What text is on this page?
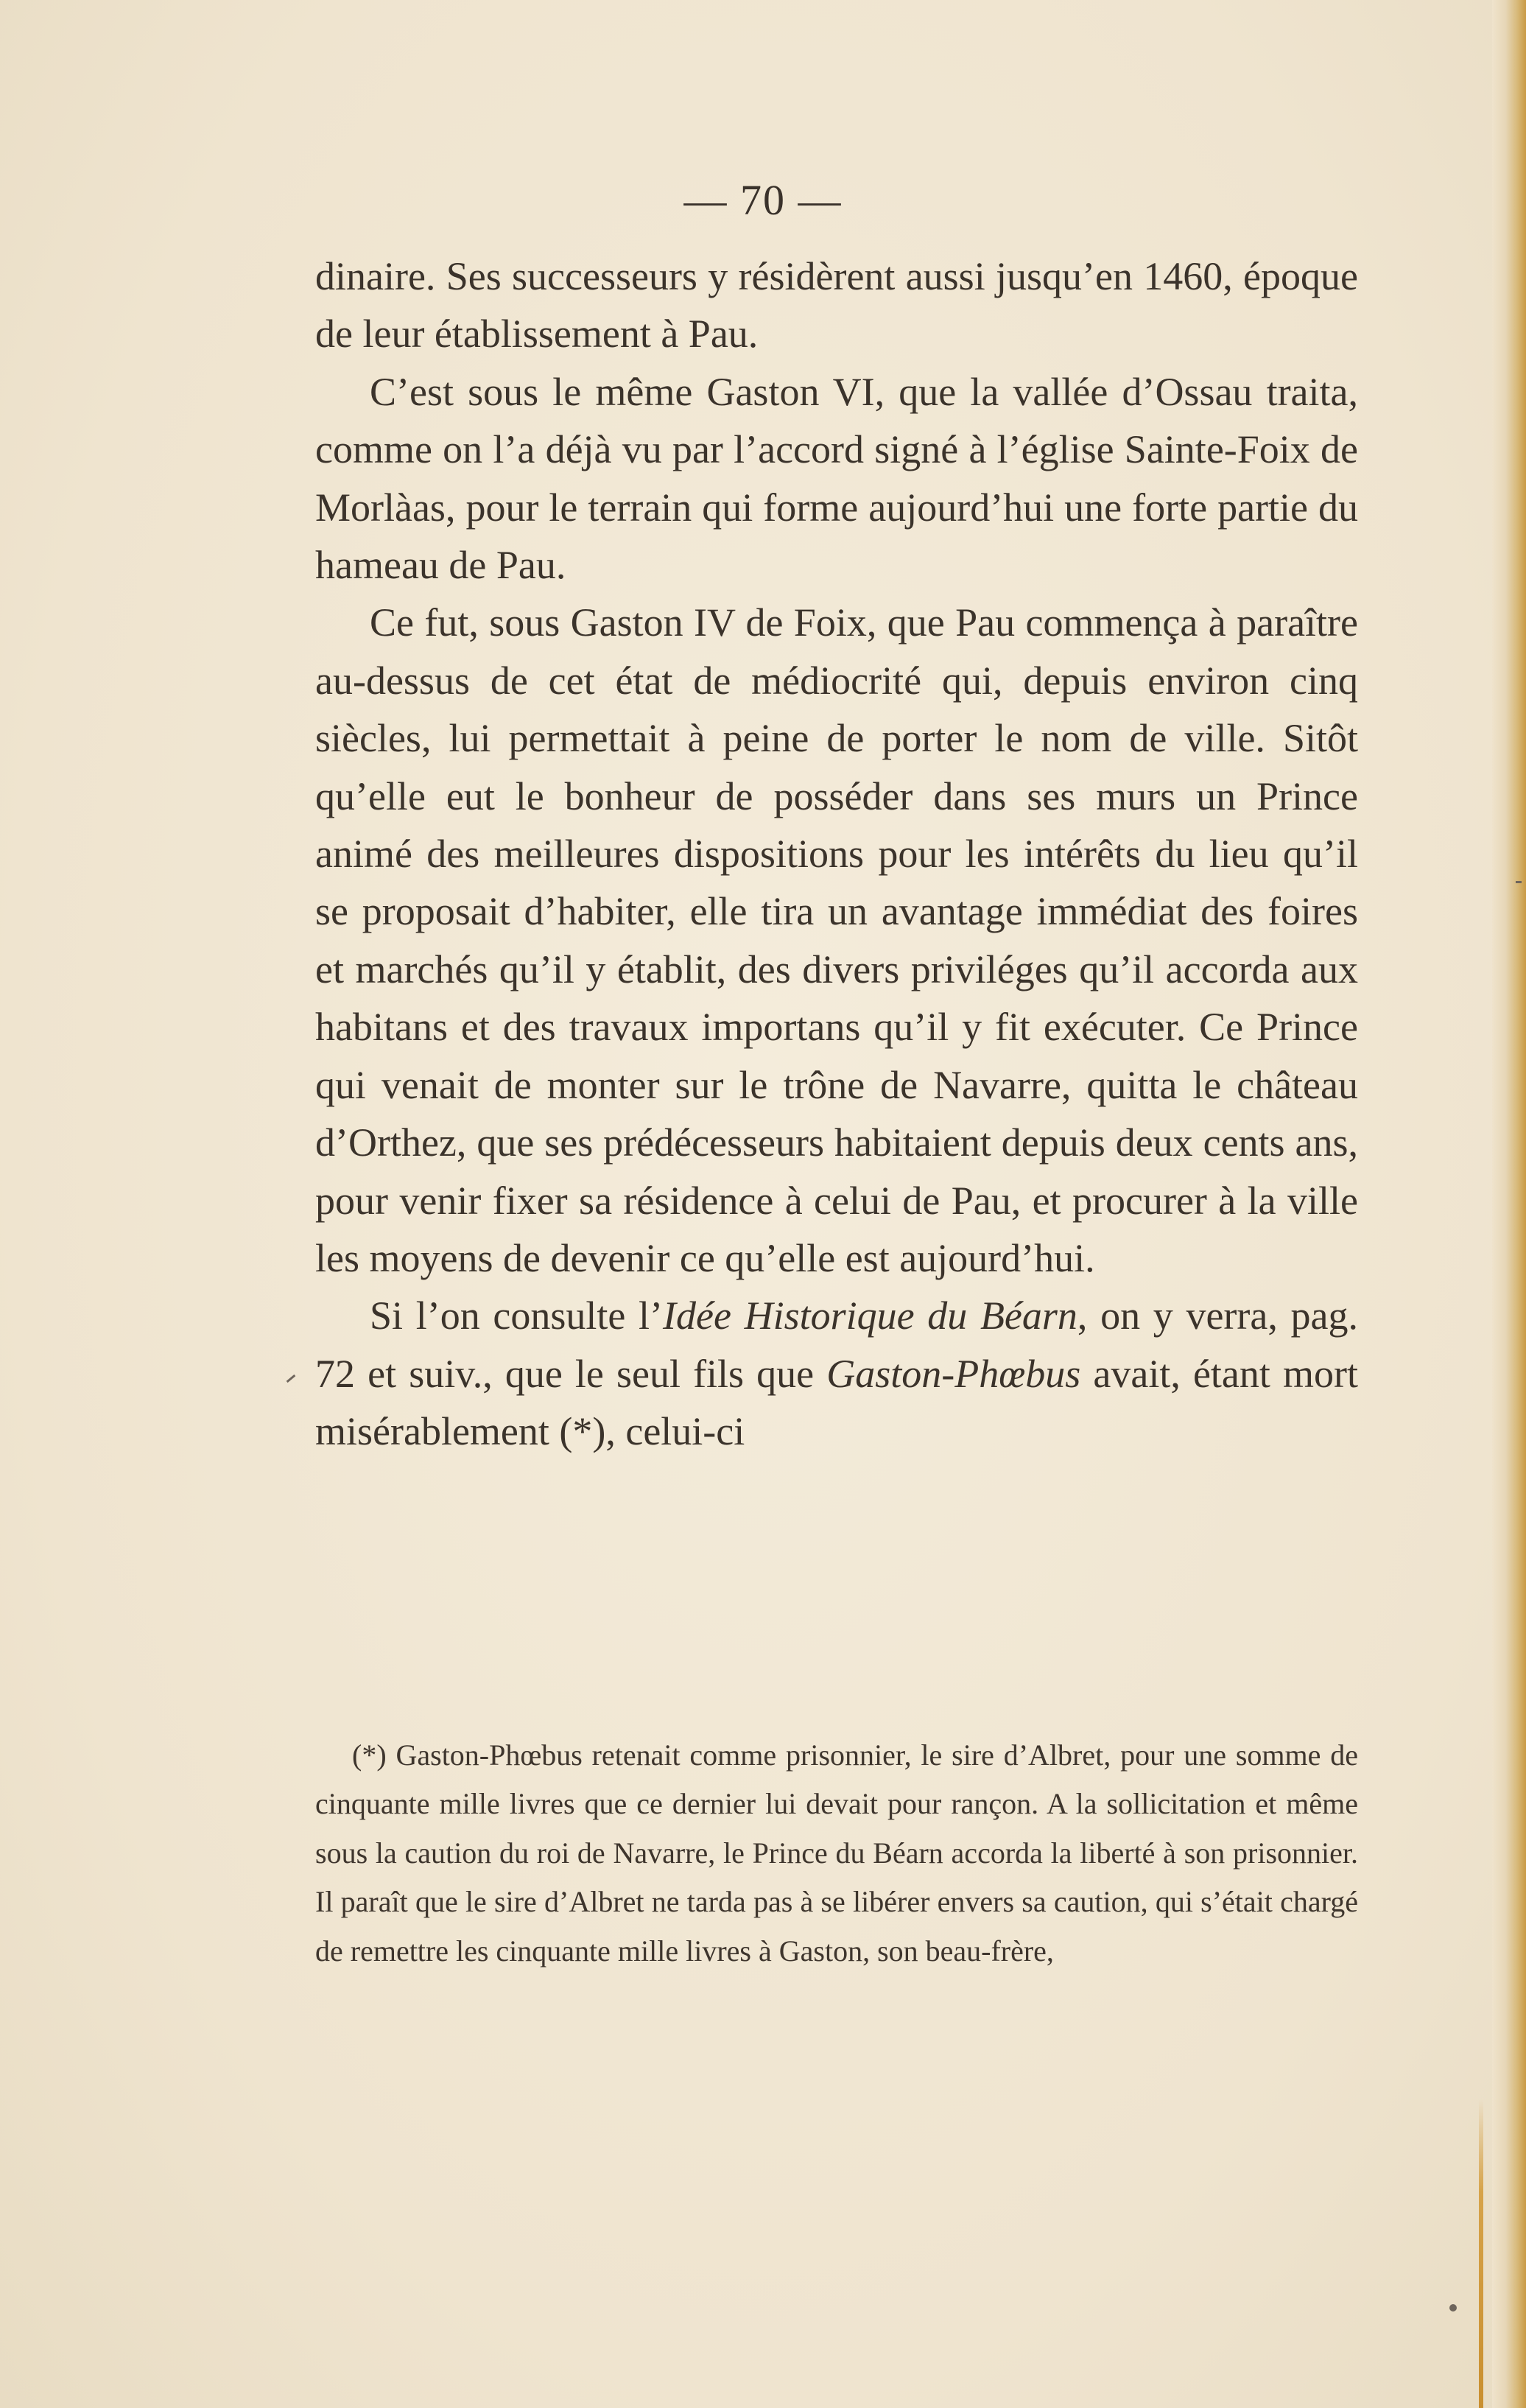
— 70 —

dinaire. Ses successeurs y résidèrent aussi jusqu’en 1460, époque de leur établissement à Pau.

C’est sous le même Gaston VI, que la vallée d’Ossau traita, comme on l’a déjà vu par l’accord signé à l’église Sainte-Foix de Morlàas, pour le terrain qui forme aujourd’hui une forte partie du hameau de Pau.

Ce fut, sous Gaston IV de Foix, que Pau commença à paraître au-dessus de cet état de médiocrité qui, depuis environ cinq siècles, lui permettait à peine de porter le nom de ville. Sitôt qu’elle eut le bonheur de posséder dans ses murs un Prince animé des meilleures dispositions pour les intérêts du lieu qu’il se proposait d’habiter, elle tira un avantage immédiat des foires et marchés qu’il y établit, des divers priviléges qu’il accorda aux habitans et des travaux importans qu’il y fit exécuter. Ce Prince qui venait de monter sur le trône de Navarre, quitta le château d’Orthez, que ses prédécesseurs habitaient depuis deux cents ans, pour venir fixer sa résidence à celui de Pau, et procurer à la ville les moyens de devenir ce qu’elle est aujourd’hui.

Si l’on consulte l’Idée Historique du Béarn, on y verra, pag. 72 et suiv., que le seul fils que Gaston-Phœbus avait, étant mort misérablement (*), celui-ci

(*) Gaston-Phœbus retenait comme prisonnier, le sire d’Albret, pour une somme de cinquante mille livres que ce dernier lui devait pour rançon. A la sollicitation et même sous la caution du roi de Navarre, le Prince du Béarn accorda la liberté à son prisonnier. Il paraît que le sire d’Albret ne tarda pas à se libérer envers sa caution, qui s’était chargé de remettre les cinquante mille livres à Gaston, son beau-frère,
